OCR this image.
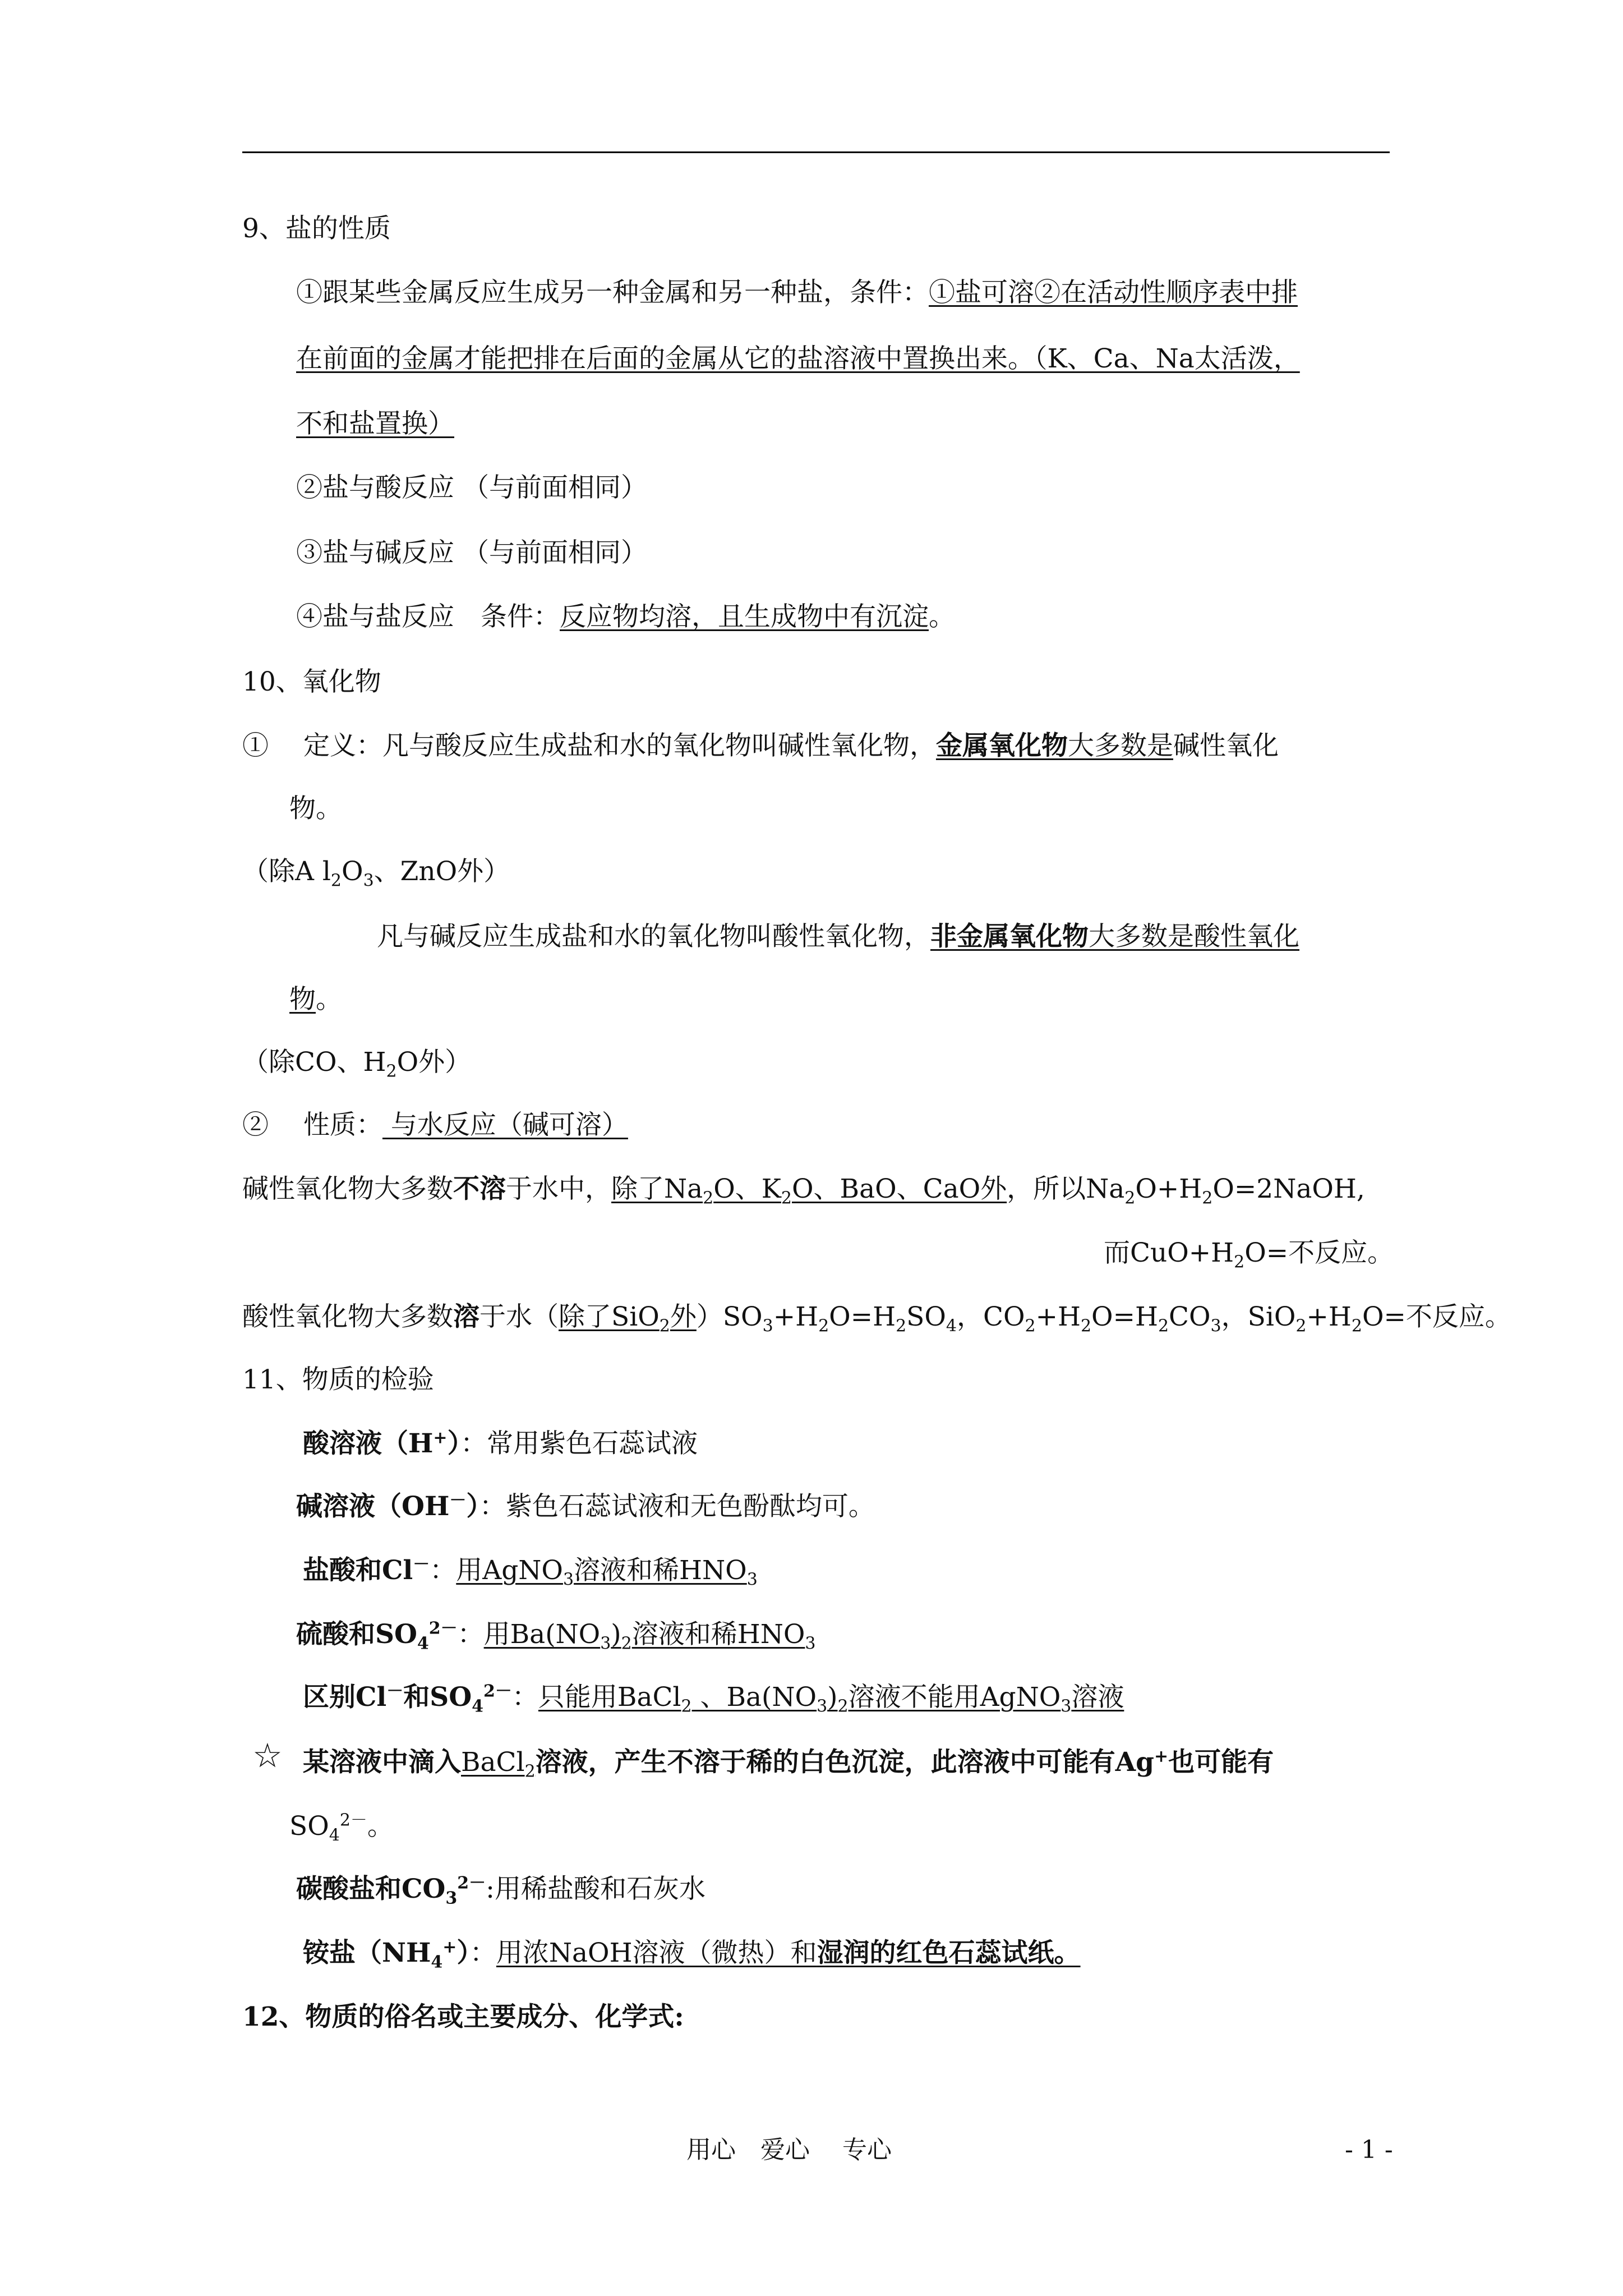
9、盐的性质
①跟某些金属反应生成另一种金属和另一种盐，条件：①盐可溶②在活动性顺序表中排
在前面的金属才能把排在后面的金属从它的盐溶液中置换出来。（K、Ca、Na太活泼，
不和盐置换）
②盐与酸反应 （与前面相同）
③盐与碱反应 （与前面相同）
④盐与盐反应　条件：反应物均溶，且生成物中有沉淀。
10、氧化物
①　 定义：凡与酸反应生成盐和水的氧化物叫碱性氧化物，金属氧化物大多数是碱性氧化
物。
（除A $l_2O_3$、ZnO外）
凡与碱反应生成盐和水的氧化物叫酸性氧化物，非金属氧化物大多数是酸性氧化
物。
（除CO、$H_2O$外）
②　 性质： 与水反应（碱可溶）
碱性氧化物大多数不溶于水中，除了$Na_2O$、$K_2O$、BaO、CaO外，所以$Na_2O+H_2O=2NaOH$,
而$CuO+H_2O=$不反应。
酸性氧化物大多数溶于水（除了SiO$_2$外）$SO_3+H_2O=H_2SO_4$，$CO_2+H_2O=H_2CO_3$，$SiO_2+H_2O=$不反应。
11、物质的检验
酸溶液（H+）：常用紫色石蕊试液
碱溶液（OH－）：紫色石蕊试液和无色酚酞均可。
盐酸和Cl－：用AgNO$_3$溶液和稀$HNO_3$
硫酸和$SO_4^{2-}$：用$Ba(NO_3)_2$溶液和稀$HNO_3$
区别Cl－和$SO_4^{2-}$：只能用BaCl$_2$ 、$Ba(NO_3)_2$溶液不能用AgNO$_3$溶液
☆ 某溶液中滴入BaCl$_2$溶液，产生不溶于稀的白色沉淀，此溶液中可能有Ag+也可能有
$SO_4^{2-}$。
碳酸盐和$CO_3^{2-}$:用稀盐酸和石灰水
铵盐$(NH_4^+)$：用浓NaOH溶液（微热）和湿润的红色石蕊试纸。
12、物质的俗名或主要成分、化学式:
用心　爱心　 专心	- 1 -
